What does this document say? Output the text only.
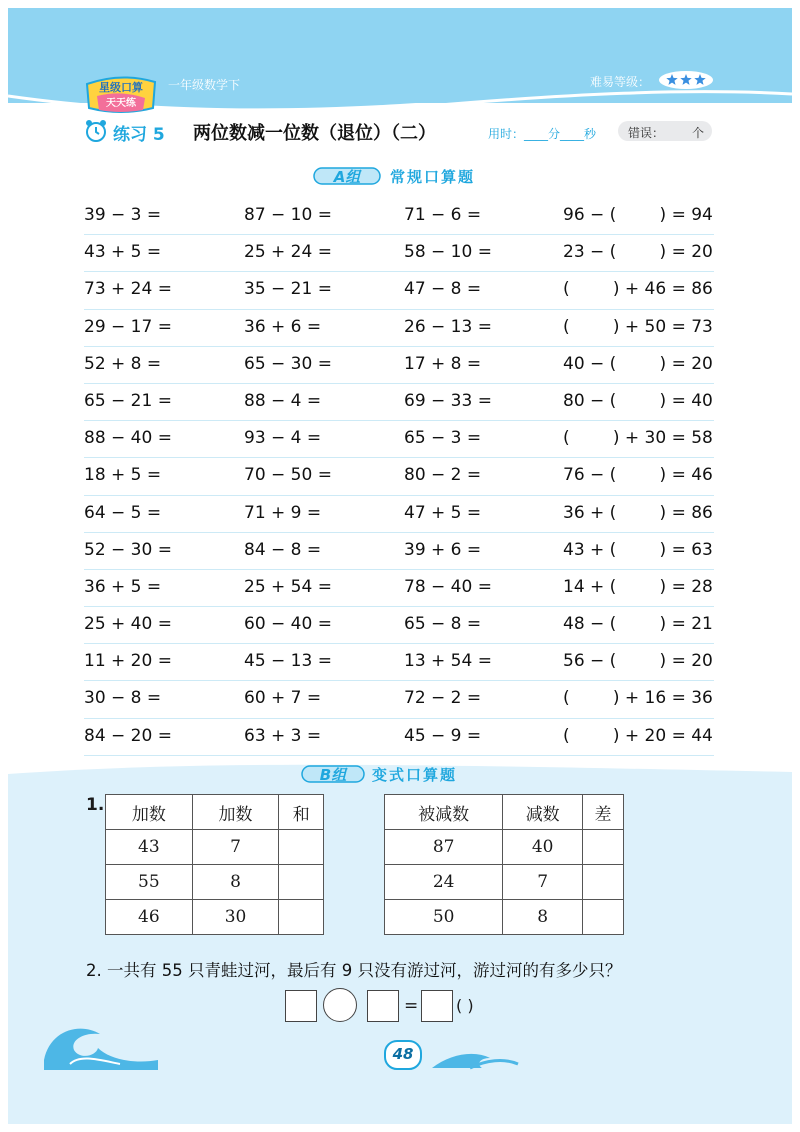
星级口算
天天练
一年级数学下	难易等级：
练习 5 两位数减一位数（退位）（二）	用时：____分____秒	错误： 个
A组 常规口算题
39 − 3 =	87 − 10 =	71 − 6 =	96 − (        ) = 94
43 + 5 =	25 + 24 =	58 − 10 =	23 − (        ) = 20
73 + 24 =	35 − 21 =	47 − 8 =	(        ) + 46 = 86
29 − 17 =	36 + 6 =	26 − 13 =	(        ) + 50 = 73
52 + 8 =	65 − 30 =	17 + 8 =	40 − (        ) = 20
65 − 21 =	88 − 4 =	69 − 33 =	80 − (        ) = 40
88 − 40 =	93 − 4 =	65 − 3 =	(        ) + 30 = 58
18 + 5 =	70 − 50 =	80 − 2 =	76 − (        ) = 46
64 − 5 =	71 + 9 =	47 + 5 =	36 + (        ) = 86
52 − 30 =	84 − 8 =	39 + 6 =	43 + (        ) = 63
36 + 5 =	25 + 54 =	78 − 40 =	14 + (        ) = 28
25 + 40 =	60 − 40 =	65 − 8 =	48 − (        ) = 21
11 + 20 =	45 − 13 =	13 + 54 =	56 − (        ) = 20
30 − 8 =	60 + 7 =	72 − 2 =	(        ) + 16 = 36
84 − 20 =	63 + 3 =	45 − 9 =	(        ) + 20 = 44
B组 变式口算题
1. 加数	加数	和
43	7	
55	8	
46	30	
被减数	减数	差
87	40	
24	7	
50	8	
2. 一共有 55 只青蛙过河，最后有 9 只没有游过河，游过河的有多少只？
= ( )
48
